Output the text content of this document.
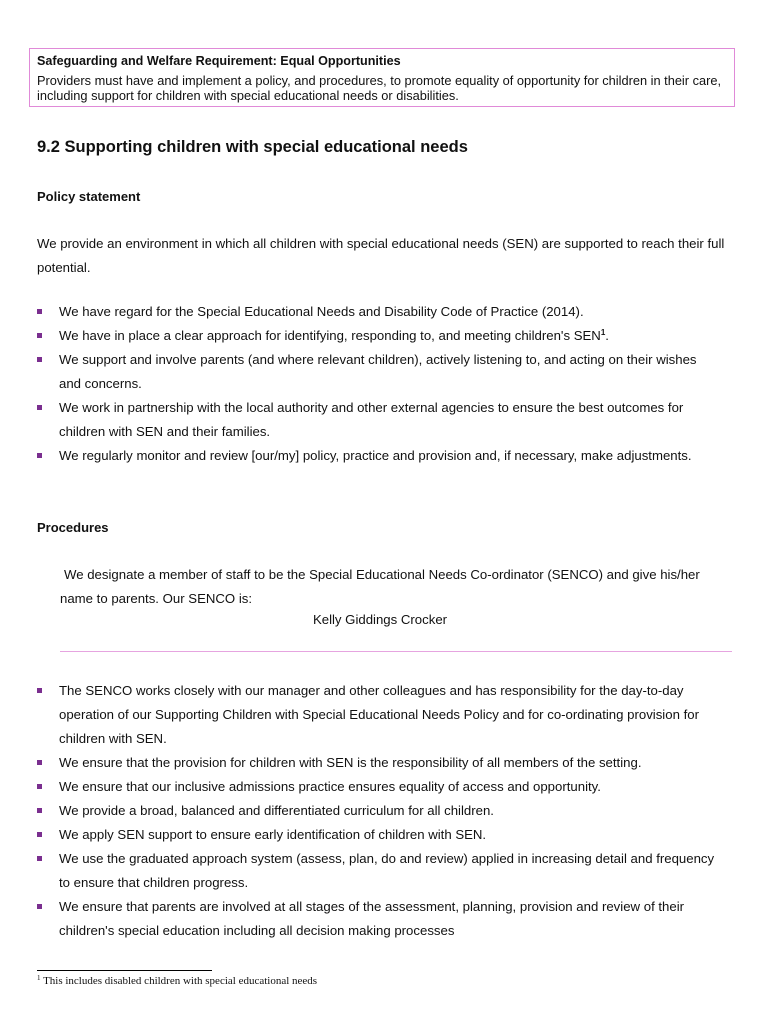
Safeguarding and Welfare Requirement: Equal Opportunities
Providers must have and implement a policy, and procedures, to promote equality of opportunity for children in their care, including support for children with special educational needs or disabilities.
9.2 Supporting children with special educational needs
Policy statement
We provide an environment in which all children with special educational needs (SEN) are supported to reach their full potential.
We have regard for the Special Educational Needs and Disability Code of Practice (2014).
We have in place a clear approach for identifying, responding to, and meeting children's SEN$^1$.
We support and involve parents (and where relevant children), actively listening to, and acting on their wishes and concerns.
We work in partnership with the local authority and other external agencies to ensure the best outcomes for children with SEN and their families.
We regularly monitor and review [our/my] policy, practice and provision and, if necessary, make adjustments.
Procedures
We designate a member of staff to be the Special Educational Needs Co-ordinator (SENCO) and give his/her name to parents. Our SENCO is:
Kelly Giddings Crocker
The SENCO works closely with our manager and other colleagues and has responsibility for the day-to-day operation of our Supporting Children with Special Educational Needs Policy and for co-ordinating provision for children with SEN.
We ensure that the provision for children with SEN is the responsibility of all members of the setting.
We ensure that our inclusive admissions practice ensures equality of access and opportunity.
We provide a broad, balanced and differentiated curriculum for all children.
We apply SEN support to ensure early identification of children with SEN.
We use the graduated approach system (assess, plan, do and review) applied in increasing detail and frequency to ensure that children progress.
We ensure that parents are involved at all stages of the assessment, planning, provision and review of their children's special education including all decision making processes
$^1$ This includes disabled children with special educational needs
